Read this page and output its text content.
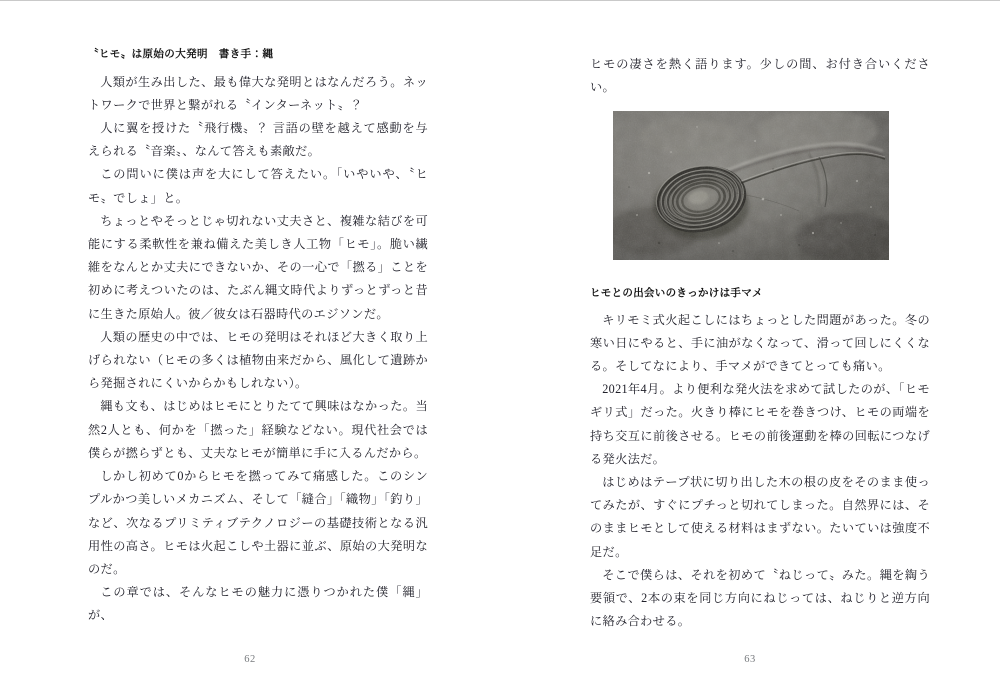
〝ヒモ〟は原始の大発明　書き手：縄

人類が生み出した、最も偉大な発明とはなんだろう。ネットワークで世界と繋がれる〝インターネット〟？

人に翼を授けた〝飛行機〟？ 言語の壁を越えて感動を与えられる〝音楽〟、なんて答えも素敵だ。

この問いに僕は声を大にして答えたい。「いやいや、〝ヒモ〟でしょ」と。

ちょっとやそっとじゃ切れない丈夫さと、複雑な結びを可能にする柔軟性を兼ね備えた美しき人工物「ヒモ」。脆い繊維をなんとか丈夫にできないか、その一心で「撚る」ことを初めに考えついたのは、たぶん縄文時代よりずっとずっと昔に生きた原始人。彼／彼女は石器時代のエジソンだ。

人類の歴史の中では、ヒモの発明はそれほど大きく取り上げられない（ヒモの多くは植物由来だから、風化して遺跡から発掘されにくいからかもしれない）。

縄も文も、はじめはヒモにとりたてて興味はなかった。当然2人とも、何かを「撚った」経験などない。現代社会では僕らが撚らずとも、丈夫なヒモが簡単に手に入るんだから。

しかし初めて0からヒモを撚ってみて痛感した。このシンプルかつ美しいメカニズム、そして「縫合」「織物」「釣り」など、次なるプリミティブテクノロジーの基礎技術となる汎用性の高さ。ヒモは火起こしや土器に並ぶ、原始の大発明なのだ。

この章では、そんなヒモの魅力に憑りつかれた僕「縄」が、

62

ヒモの凄さを熱く語ります。少しの間、お付き合いください。

ヒモとの出会いのきっかけは手マメ

キリモミ式火起こしにはちょっとした問題があった。冬の寒い日にやると、手に油がなくなって、滑って回しにくくなる。そしてなにより、手マメができてとっても痛い。

2021年4月。より便利な発火法を求めて試したのが、「ヒモギリ式」だった。火きり棒にヒモを巻きつけ、ヒモの両端を持ち交互に前後させる。ヒモの前後運動を棒の回転につなげる発火法だ。

はじめはテープ状に切り出した木の根の皮をそのまま使ってみたが、すぐにプチっと切れてしまった。自然界には、そのままヒモとして使える材料はまずない。たいていは強度不足だ。

そこで僕らは、それを初めて〝ねじって〟みた。縄を綯う要領で、2本の束を同じ方向にねじっては、ねじりと逆方向に絡み合わせる。

63
